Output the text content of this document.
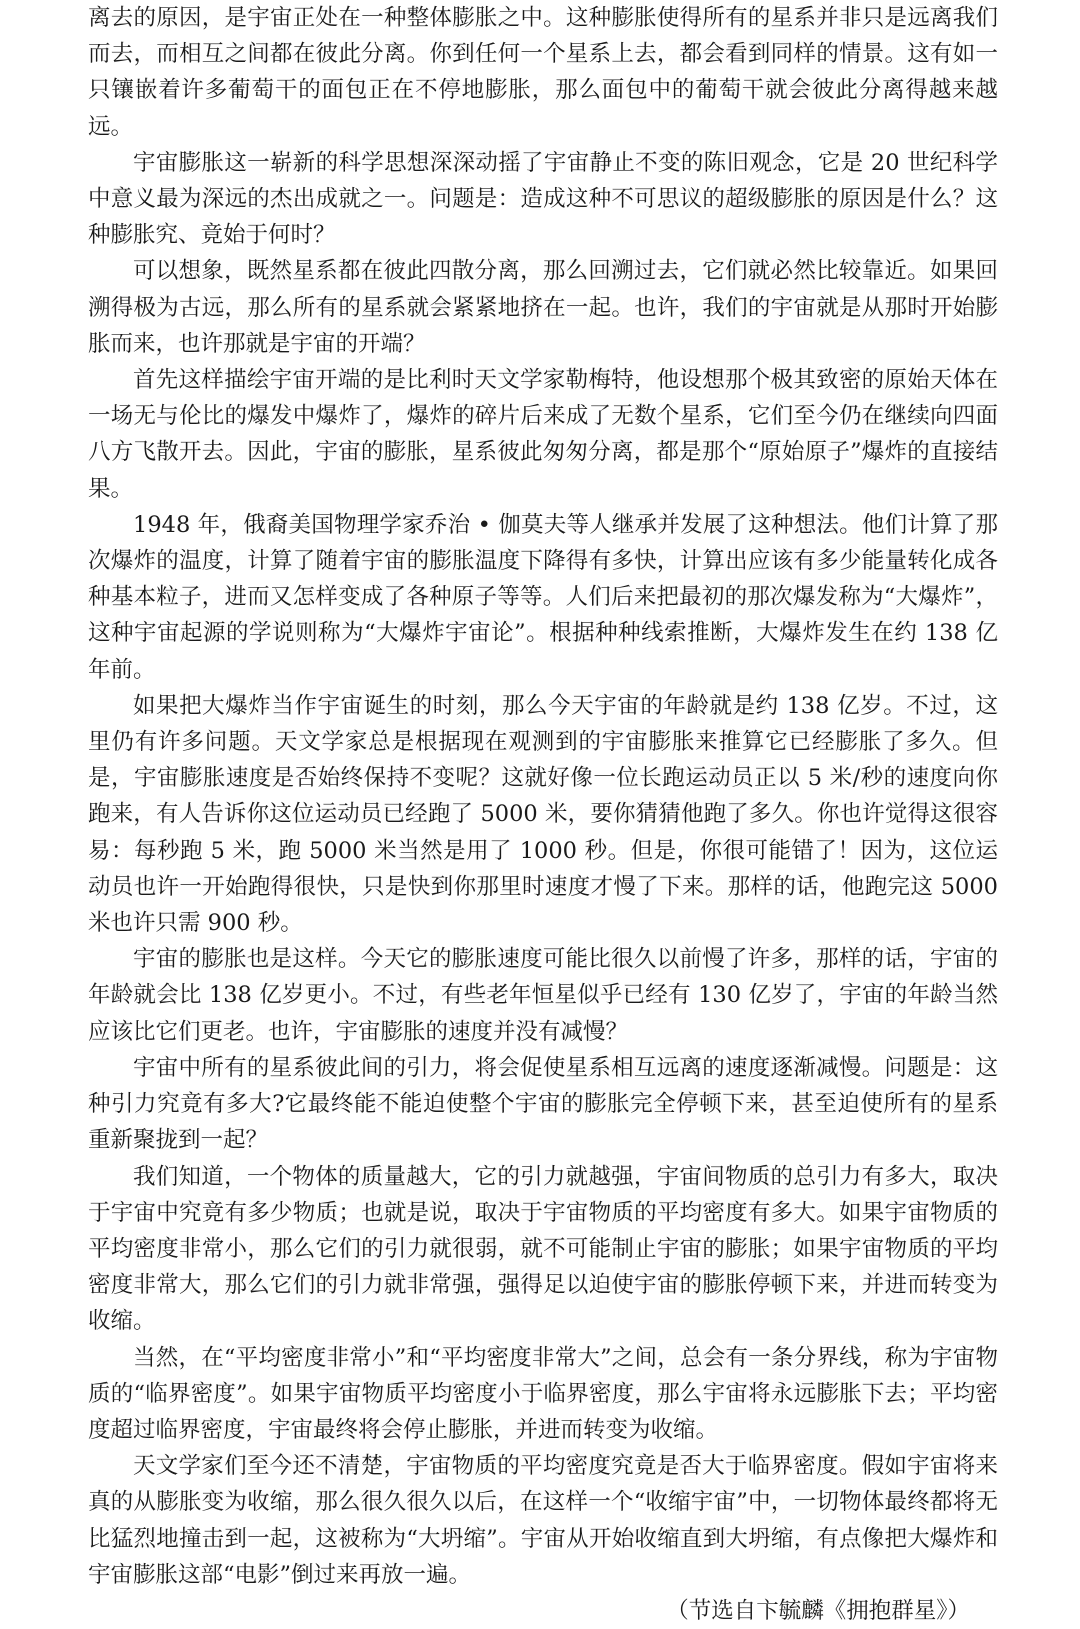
离去的原因，是宇宙正处在一种整体膨胀之中。这种膨胀使得所有的星系并非只是远离我们而去，而相互之间都在彼此分离。你到任何一个星系上去，都会看到同样的情景。这有如一只镶嵌着许多葡萄干的面包正在不停地膨胀，那么面包中的葡萄干就会彼此分离得越来越远。

宇宙膨胀这一崭新的科学思想深深动摇了宇宙静止不变的陈旧观念，它是 20 世纪科学中意义最为深远的杰出成就之一。问题是：造成这种不可思议的超级膨胀的原因是什么？这种膨胀究、竟始于何时？

可以想象，既然星系都在彼此四散分离，那么回溯过去，它们就必然比较靠近。如果回溯得极为古远，那么所有的星系就会紧紧地挤在一起。也许，我们的宇宙就是从那时开始膨胀而来，也许那就是宇宙的开端？

首先这样描绘宇宙开端的是比利时天文学家勒梅特，他设想那个极其致密的原始天体在一场无与伦比的爆发中爆炸了，爆炸的碎片后来成了无数个星系，它们至今仍在继续向四面八方飞散开去。因此，宇宙的膨胀，星系彼此匆匆分离，都是那个“原始原子”爆炸的直接结果。

1948 年，俄裔美国物理学家乔治 • 伽莫夫等人继承并发展了这种想法。他们计算了那次爆炸的温度，计算了随着宇宙的膨胀温度下降得有多快，计算出应该有多少能量转化成各种基本粒子，进而又怎样变成了各种原子等等。人们后来把最初的那次爆发称为“大爆炸”，这种宇宙起源的学说则称为“大爆炸宇宙论”。根据种种线索推断，大爆炸发生在约 138 亿年前。

如果把大爆炸当作宇宙诞生的时刻，那么今天宇宙的年龄就是约 138 亿岁。不过，这里仍有许多问题。天文学家总是根据现在观测到的宇宙膨胀来推算它已经膨胀了多久。但是，宇宙膨胀速度是否始终保持不变呢？这就好像一位长跑运动员正以 5 米/秒的速度向你跑来，有人告诉你这位运动员已经跑了 5000 米，要你猜猜他跑了多久。你也许觉得这很容易：每秒跑 5 米，跑 5000 米当然是用了 1000 秒。但是，你很可能错了！因为，这位运动员也许一开始跑得很快，只是快到你那里时速度才慢了下来。那样的话，他跑完这 5000 米也许只需 900 秒。

宇宙的膨胀也是这样。今天它的膨胀速度可能比很久以前慢了许多，那样的话，宇宙的年龄就会比 138 亿岁更小。不过，有些老年恒星似乎已经有 130 亿岁了，宇宙的年龄当然应该比它们更老。也许，宇宙膨胀的速度并没有减慢？

宇宙中所有的星系彼此间的引力，将会促使星系相互远离的速度逐渐减慢。问题是：这种引力究竟有多大?它最终能不能迫使整个宇宙的膨胀完全停顿下来，甚至迫使所有的星系重新聚拢到一起？

我们知道，一个物体的质量越大，它的引力就越强，宇宙间物质的总引力有多大，取决于宇宙中究竟有多少物质；也就是说，取决于宇宙物质的平均密度有多大。如果宇宙物质的平均密度非常小，那么它们的引力就很弱，就不可能制止宇宙的膨胀；如果宇宙物质的平均密度非常大，那么它们的引力就非常强，强得足以迫使宇宙的膨胀停顿下来，并进而转变为收缩。

当然，在“平均密度非常小”和“平均密度非常大”之间，总会有一条分界线，称为宇宙物质的“临界密度”。如果宇宙物质平均密度小于临界密度，那么宇宙将永远膨胀下去；平均密度超过临界密度，宇宙最终将会停止膨胀，并进而转变为收缩。

天文学家们至今还不清楚，宇宙物质的平均密度究竟是否大于临界密度。假如宇宙将来真的从膨胀变为收缩，那么很久很久以后，在这样一个“收缩宇宙”中，一切物体最终都将无比猛烈地撞击到一起，这被称为“大坍缩”。宇宙从开始收缩直到大坍缩，有点像把大爆炸和宇宙膨胀这部“电影”倒过来再放一遍。

（节选自卞毓麟《拥抱群星》）
